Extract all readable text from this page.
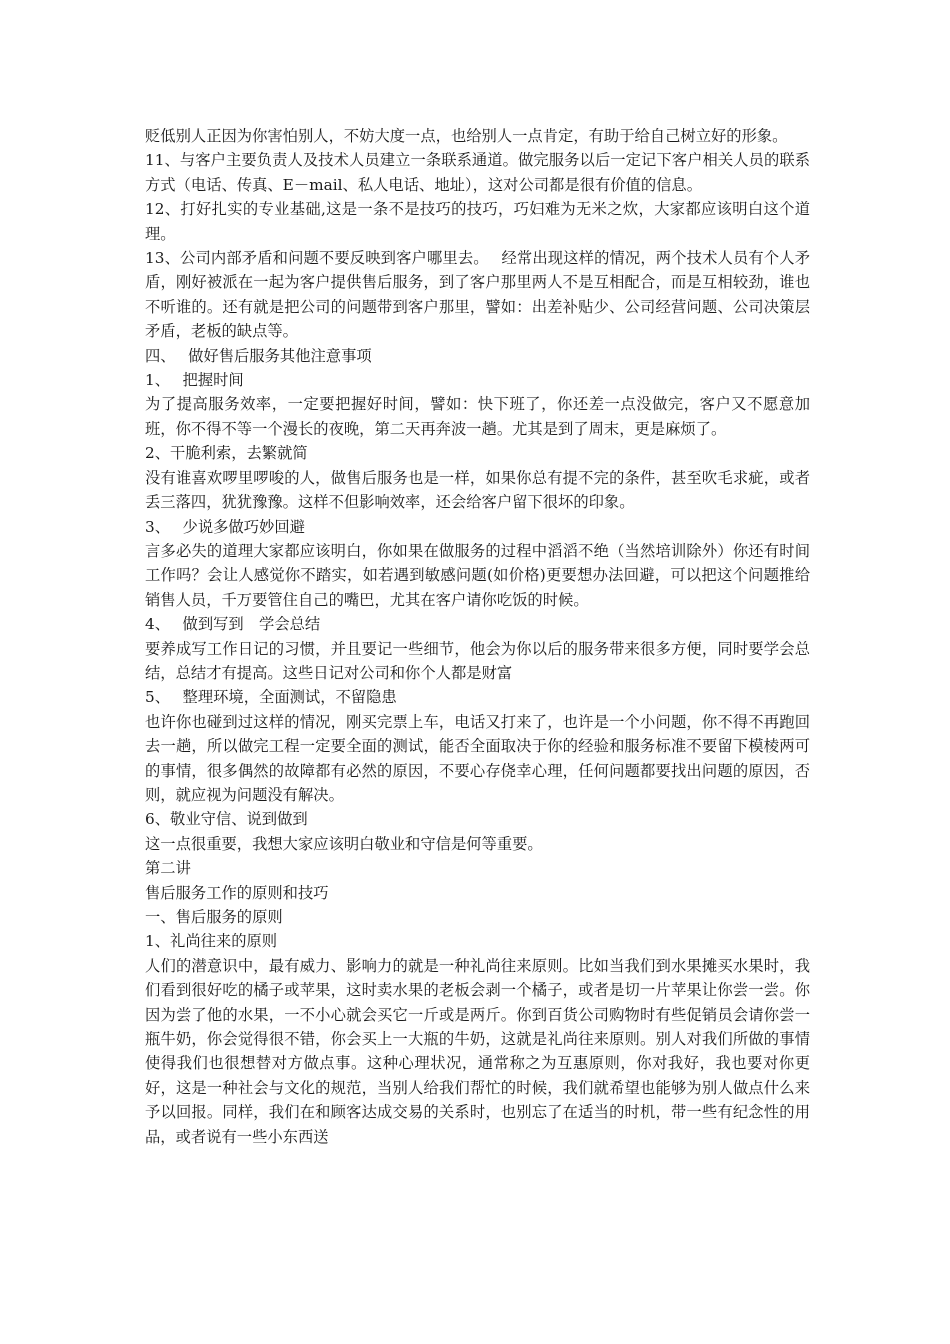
贬低别人正因为你害怕别人，不妨大度一点，也给别人一点肯定，有助于给自己树立好的形象。

11、与客户主要负责人及技术人员建立一条联系通道。做完服务以后一定记下客户相关人员的联系方式（电话、传真、E－mail、私人电话、地址），这对公司都是很有价值的信息。

12、打好扎实的专业基础,这是一条不是技巧的技巧，巧妇难为无米之炊，大家都应该明白这个道理。

13、公司内部矛盾和问题不要反映到客户哪里去。　 经常出现这样的情况，两个技术人员有个人矛盾，刚好被派在一起为客户提供售后服务，到了客户那里两人不是互相配合，而是互相较劲，谁也不听谁的。还有就是把公司的问题带到客户那里，譬如：出差补贴少、公司经营问题、公司决策层矛盾，老板的缺点等。

四、　 做好售后服务其他注意事项

1、　 把握时间

为了提高服务效率，一定要把握好时间，譬如：快下班了，你还差一点没做完，客户又不愿意加班，你不得不等一个漫长的夜晚，第二天再奔波一趟。尤其是到了周末，更是麻烦了。

2、干脆利索，去繁就简

没有谁喜欢啰里啰唆的人，做售后服务也是一样，如果你总有提不完的条件，甚至吹毛求疵，或者丢三落四，犹犹豫豫。这样不但影响效率，还会给客户留下很坏的印象。

3、　 少说多做巧妙回避

言多必失的道理大家都应该明白，你如果在做服务的过程中滔滔不绝（当然培训除外）你还有时间工作吗？会让人感觉你不踏实，如若遇到敏感问题(如价格)更要想办法回避，可以把这个问题推给销售人员，千万要管住自己的嘴巴，尤其在客户请你吃饭的时候。

4、　 做到写到　学会总结

要养成写工作日记的习惯，并且要记一些细节，他会为你以后的服务带来很多方便，同时要学会总结，总结才有提高。这些日记对公司和你个人都是财富

5、　 整理环境，全面测试，不留隐患

也许你也碰到过这样的情况，刚买完票上车，电话又打来了，也许是一个小问题，你不得不再跑回去一趟，所以做完工程一定要全面的测试，能否全面取决于你的经验和服务标准不要留下模棱两可的事情，很多偶然的故障都有必然的原因，不要心存侥幸心理，任何问题都要找出问题的原因，否则，就应视为问题没有解决。

6、敬业守信、说到做到

这一点很重要，我想大家应该明白敬业和守信是何等重要。

第二讲

售后服务工作的原则和技巧

一、售后服务的原则

1、礼尚往来的原则

人们的潜意识中，最有威力、影响力的就是一种礼尚往来原则。比如当我们到水果摊买水果时，我们看到很好吃的橘子或苹果，这时卖水果的老板会剥一个橘子，或者是切一片苹果让你尝一尝。你因为尝了他的水果，一不小心就会买它一斤或是两斤。你到百货公司购物时有些促销员会请你尝一瓶牛奶，你会觉得很不错，你会买上一大瓶的牛奶，这就是礼尚往来原则。别人对我们所做的事情使得我们也很想替对方做点事。这种心理状况，通常称之为互惠原则，你对我好，我也要对你更好，这是一种社会与文化的规范，当别人给我们帮忙的时候，我们就希望也能够为别人做点什么来予以回报。同样，我们在和顾客达成交易的关系时，也别忘了在适当的时机，带一些有纪念性的用品，或者说有一些小东西送
